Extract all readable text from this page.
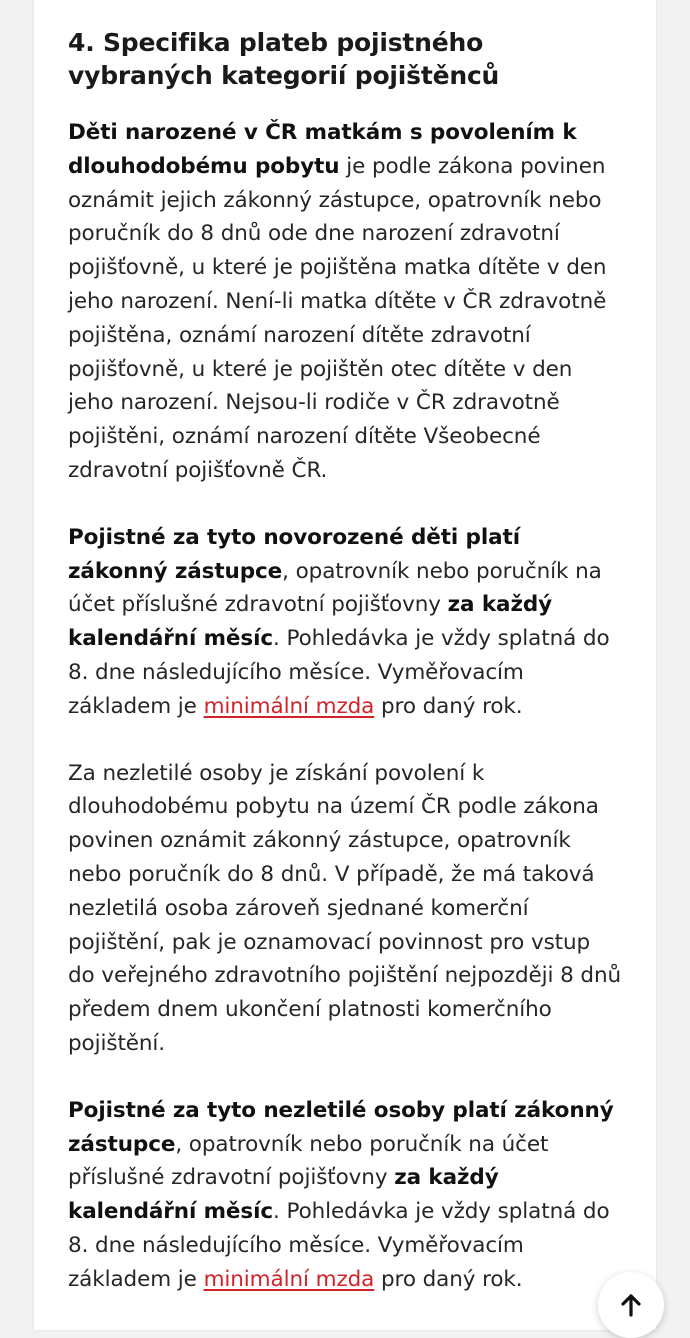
4. Specifika plateb pojistného vybraných kategorií pojištěnců

Děti narozené v ČR matkám s povolením k dlouhodobému pobytu je podle zákona povinen oznámit jejich zákonný zástupce, opatrovník nebo poručník do 8 dnů ode dne narození zdravotní pojišťovně, u které je pojištěna matka dítěte v den jeho narození. Není-li matka dítěte v ČR zdravotně pojištěna, oznámí narození dítěte zdravotní pojišťovně, u které je pojištěn otec dítěte v den jeho narození. Nejsou-li rodiče v ČR zdravotně pojištěni, oznámí narození dítěte Všeobecné zdravotní pojišťovně ČR.

Pojistné za tyto novorozené děti platí zákonný zástupce, opatrovník nebo poručník na účet příslušné zdravotní pojišťovny za každý kalendářní měsíc. Pohledávka je vždy splatná do 8. dne následujícího měsíce. Vyměřovacím základem je minimální mzda pro daný rok.

Za nezletilé osoby je získání povolení k dlouhodobému pobytu na území ČR podle zákona povinen oznámit zákonný zástupce, opatrovník nebo poručník do 8 dnů. V případě, že má taková nezletilá osoba zároveň sjednané komerční pojištění, pak je oznamovací povinnost pro vstup do veřejného zdravotního pojištění nejpozději 8 dnů předem dnem ukončení platnosti komerčního pojištění.

Pojistné za tyto nezletilé osoby platí zákonný zástupce, opatrovník nebo poručník na účet příslušné zdravotní pojišťovny za každý kalendářní měsíc. Pohledávka je vždy splatná do 8. dne následujícího měsíce. Vyměřovacím základem je minimální mzda pro daný rok.
